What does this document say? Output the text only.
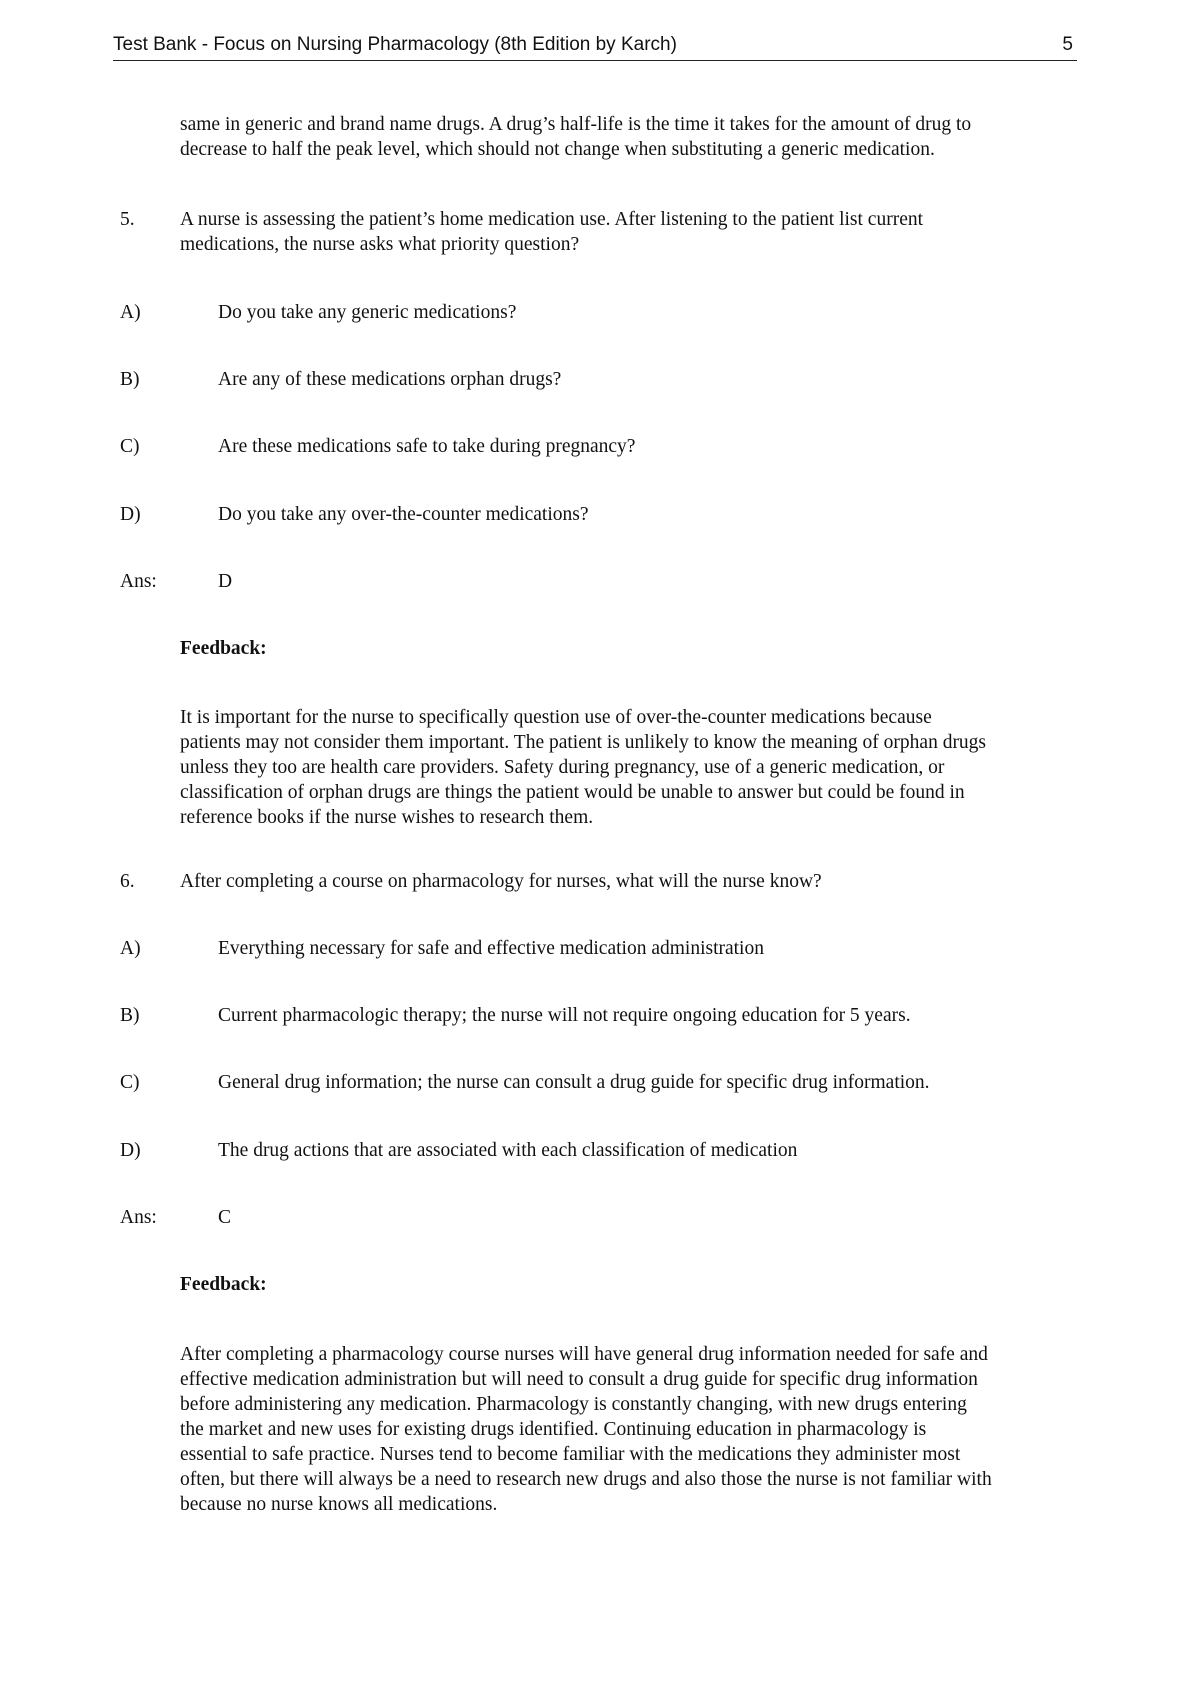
Test Bank - Focus on Nursing Pharmacology (8th Edition by Karch)	5
same in generic and brand name drugs. A drug’s half-life is the time it takes for the amount of drug to
decrease to half the peak level, which should not change when substituting a generic medication.
5. A nurse is assessing the patient’s home medication use. After listening to the patient list current
medications, the nurse asks what priority question?
A)	Do you take any generic medications?
B)	Are any of these medications orphan drugs?
C)	Are these medications safe to take during pregnancy?
D)	Do you take any over-the-counter medications?
Ans:	D
Feedback:
It is important for the nurse to specifically question use of over-the-counter medications because
patients may not consider them important. The patient is unlikely to know the meaning of orphan drugs
unless they too are health care providers. Safety during pregnancy, use of a generic medication, or
classification of orphan drugs are things the patient would be unable to answer but could be found in
reference books if the nurse wishes to research them.
6. After completing a course on pharmacology for nurses, what will the nurse know?
A)	Everything necessary for safe and effective medication administration
B)	Current pharmacologic therapy; the nurse will not require ongoing education for 5 years.
C)	General drug information; the nurse can consult a drug guide for specific drug information.
D)	The drug actions that are associated with each classification of medication
Ans:	C
Feedback:
After completing a pharmacology course nurses will have general drug information needed for safe and
effective medication administration but will need to consult a drug guide for specific drug information
before administering any medication. Pharmacology is constantly changing, with new drugs entering
the market and new uses for existing drugs identified. Continuing education in pharmacology is
essential to safe practice. Nurses tend to become familiar with the medications they administer most
often, but there will always be a need to research new drugs and also those the nurse is not familiar with
because no nurse knows all medications.
